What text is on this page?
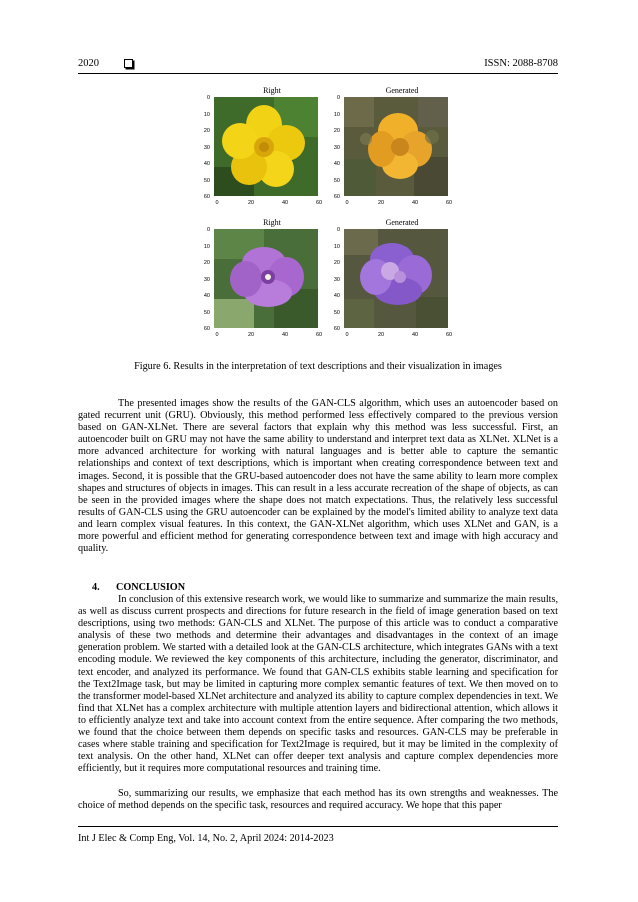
2020	ISSN: 2088-8708
Right	Generated
Right	Generated
0
10
20
30
40
50
60
0	20	40	60
0
10
20
30
40
50
60
0	20	40	60
0
10
20
30
40
50
60
0	20	40	60
0
10
20
30
40
50
60
0	20	40	60
Figure 6. Results in the interpretation of text descriptions and their visualization in images
The presented images show the results of the GAN-CLS algorithm, which uses an autoencoder based on gated recurrent unit (GRU). Obviously, this method performed less effectively compared to the previous version based on GAN-XLNet. There are several factors that explain why this method was less successful. First, an autoencoder built on GRU may not have the same ability to understand and interpret text data as XLNet. XLNet is a more advanced architecture for working with natural languages and is better able to capture the semantic relationships and context of text descriptions, which is important when creating correspondence between text and images. Second, it is possible that the GRU-based autoencoder does not have the same ability to learn more complex shapes and structures of objects in images. This can result in a less accurate recreation of the shape of objects, as can be seen in the provided images where the shape does not match expectations. Thus, the relatively less successful results of GAN-CLS using the GRU autoencoder can be explained by the model's limited ability to analyze text data and learn complex visual features. In this context, the GAN-XLNet algorithm, which uses XLNet and GAN, is a more powerful and efficient method for generating correspondence between text and image with high accuracy and quality.
4. CONCLUSION
In conclusion of this extensive research work, we would like to summarize and summarize the main results, as well as discuss current prospects and directions for future research in the field of image generation based on text descriptions, using two methods: GAN-CLS and XLNet. The purpose of this article was to conduct a comparative analysis of these two methods and determine their advantages and disadvantages in the context of an image generation problem. We started with a detailed look at the GAN-CLS architecture, which integrates GANs with a text encoding module. We reviewed the key components of this architecture, including the generator, discriminator, and text encoder, and analyzed its performance. We found that GAN-CLS exhibits stable learning and specification for the Text2Image task, but may be limited in capturing more complex semantic features of text. We then moved on to the transformer model-based XLNet architecture and analyzed its ability to capture complex dependencies in text. We find that XLNet has a complex architecture with multiple attention layers and bidirectional attention, which allows it to efficiently analyze text and take into account context from the entire sequence. After comparing the two methods, we found that the choice between them depends on specific tasks and resources. GAN-CLS may be preferable in cases where stable training and specification for Text2Image is required, but it may be limited in the complexity of text analysis. On the other hand, XLNet can offer deeper text analysis and capture complex dependencies more efficiently, but it requires more computational resources and training time.
So, summarizing our results, we emphasize that each method has its own strengths and weaknesses. The choice of method depends on the specific task, resources and required accuracy. We hope that this paper
Int J Elec & Comp Eng, Vol. 14, No. 2, April 2024: 2014-2023
